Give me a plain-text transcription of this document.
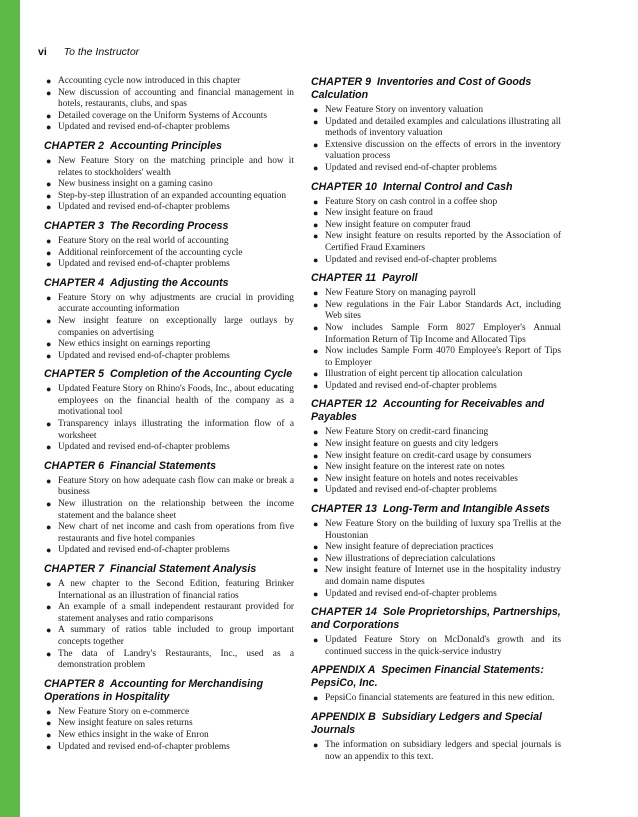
vi To the Instructor
● Accounting cycle now introduced in this chapter
● New discussion of accounting and financial management in hotels, restaurants, clubs, and spas
● Detailed coverage on the Uniform Systems of Accounts
● Updated and revised end-of-chapter problems
CHAPTER 2 Accounting Principles
● New Feature Story on the matching principle and how it relates to stockholders' wealth
● New business insight on a gaming casino
● Step-by-step illustration of an expanded accounting equation
● Updated and revised end-of-chapter problems
CHAPTER 3 The Recording Process
● Feature Story on the real world of accounting
● Additional reinforcement of the accounting cycle
● Updated and revised end-of-chapter problems
CHAPTER 4 Adjusting the Accounts
● Feature Story on why adjustments are crucial in providing accurate accounting information
● New insight feature on exceptionally large outlays by companies on advertising
● New ethics insight on earnings reporting
● Updated and revised end-of-chapter problems
CHAPTER 5 Completion of the Accounting Cycle
● Updated Feature Story on Rhino's Foods, Inc., about educating employees on the financial health of the company as a motivational tool
● Transparency inlays illustrating the information flow of a worksheet
● Updated and revised end-of-chapter problems
CHAPTER 6 Financial Statements
● Feature Story on how adequate cash flow can make or break a business
● New illustration on the relationship between the income statement and the balance sheet
● New chart of net income and cash from operations from five restaurants and five hotel companies
● Updated and revised end-of-chapter problems
CHAPTER 7 Financial Statement Analysis
● A new chapter to the Second Edition, featuring Brinker International as an illustration of financial ratios
● An example of a small independent restaurant provided for statement analyses and ratio comparisons
● A summary of ratios table included to group important concepts together
● The data of Landry's Restaurants, Inc., used as a demonstration problem
CHAPTER 8 Accounting for Merchandising
Operations in Hospitality
● New Feature Story on e-commerce
● New insight feature on sales returns
● New ethics insight in the wake of Enron
● Updated and revised end-of-chapter problems
CHAPTER 9 Inventories and Cost of Goods
Calculation
● New Feature Story on inventory valuation
● Updated and detailed examples and calculations illustrating all methods of inventory valuation
● Extensive discussion on the effects of errors in the inventory valuation process
● Updated and revised end-of-chapter problems
CHAPTER 10 Internal Control and Cash
● Feature Story on cash control in a coffee shop
● New insight feature on fraud
● New insight feature on computer fraud
● New insight feature on results reported by the Association of Certified Fraud Examiners
● Updated and revised end-of-chapter problems
CHAPTER 11 Payroll
● New Feature Story on managing payroll
● New regulations in the Fair Labor Standards Act, including Web sites
● Now includes Sample Form 8027 Employer's Annual Information Return of Tip Income and Allocated Tips
● Now includes Sample Form 4070 Employee's Report of Tips to Employer
● Illustration of eight percent tip allocation calculation
● Updated and revised end-of-chapter problems
CHAPTER 12 Accounting for Receivables and
Payables
● New Feature Story on credit-card financing
● New insight feature on guests and city ledgers
● New insight feature on credit-card usage by consumers
● New insight feature on the interest rate on notes
● New insight feature on hotels and notes receivables
● Updated and revised end-of-chapter problems
CHAPTER 13 Long-Term and Intangible Assets
● New Feature Story on the building of luxury spa Trellis at the Houstonian
● New insight feature of depreciation practices
● New illustrations of depreciation calculations
● New insight feature of Internet use in the hospitality industry and domain name disputes
● Updated and revised end-of-chapter problems
CHAPTER 14 Sole Proprietorships, Partnerships,
and Corporations
● Updated Feature Story on McDonald's growth and its continued success in the quick-service industry
APPENDIX A Specimen Financial Statements:
PepsiCo, Inc.
● PepsiCo financial statements are featured in this new edition.
APPENDIX B Subsidiary Ledgers and Special
Journals
● The information on subsidiary ledgers and special journals is now an appendix to this text.
